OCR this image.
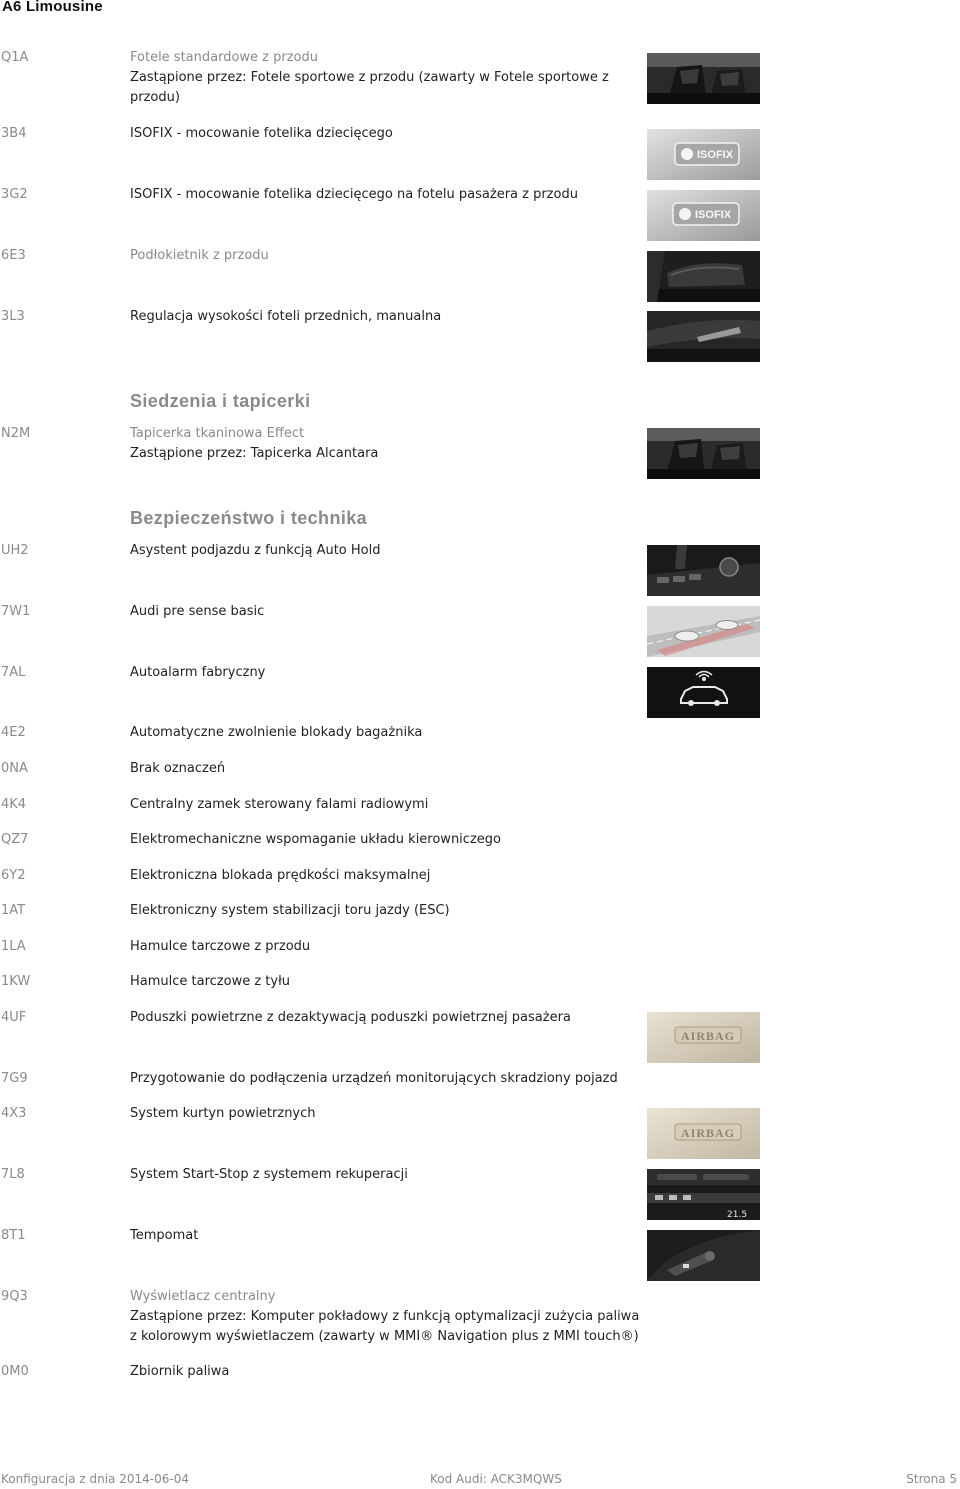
A6 Limousine
Q1A	Fotele standardowe z przodu
Zastąpione przez: Fotele sportowe z przodu (zawarty w Fotele sportowe z
przodu)
3B4	ISOFIX - mocowanie fotelika dziecięcego
ISOFIX
3G2	ISOFIX - mocowanie fotelika dziecięcego na fotelu pasażera z przodu
ISOFIX
6E3	Podłokietnik z przodu
3L3	Regulacja wysokości foteli przednich, manualna
Siedzenia i tapicerki
N2M	Tapicerka tkaninowa Effect
Zastąpione przez: Tapicerka Alcantara
Bezpieczeństwo i technika
UH2	Asystent podjazdu z funkcją Auto Hold
7W1	Audi pre sense basic
7AL	Autoalarm fabryczny
4E2	Automatyczne zwolnienie blokady bagażnika
0NA	Brak oznaczeń
4K4	Centralny zamek sterowany falami radiowymi
QZ7	Elektromechaniczne wspomaganie układu kierowniczego
6Y2	Elektroniczna blokada prędkości maksymalnej
1AT	Elektroniczny system stabilizacji toru jazdy (ESC)
1LA	Hamulce tarczowe z przodu
1KW	Hamulce tarczowe z tyłu
4UF	Poduszki powietrzne z dezaktywacją poduszki powietrznej pasażera
AIRBAG
7G9	Przygotowanie do podłączenia urządzeń monitorujących skradziony pojazd
4X3	System kurtyn powietrznych
AIRBAG
7L8	System Start-Stop z systemem rekuperacji
21.5
8T1	Tempomat
9Q3	Wyświetlacz centralny
Zastąpione przez: Komputer pokładowy z funkcją optymalizacji zużycia paliwa
z kolorowym wyświetlaczem (zawarty w MMI® Navigation plus z MMI touch®)
0M0	Zbiornik paliwa
Konfiguracja z dnia 2014-06-04	Kod Audi: ACK3MQWS	Strona 5
